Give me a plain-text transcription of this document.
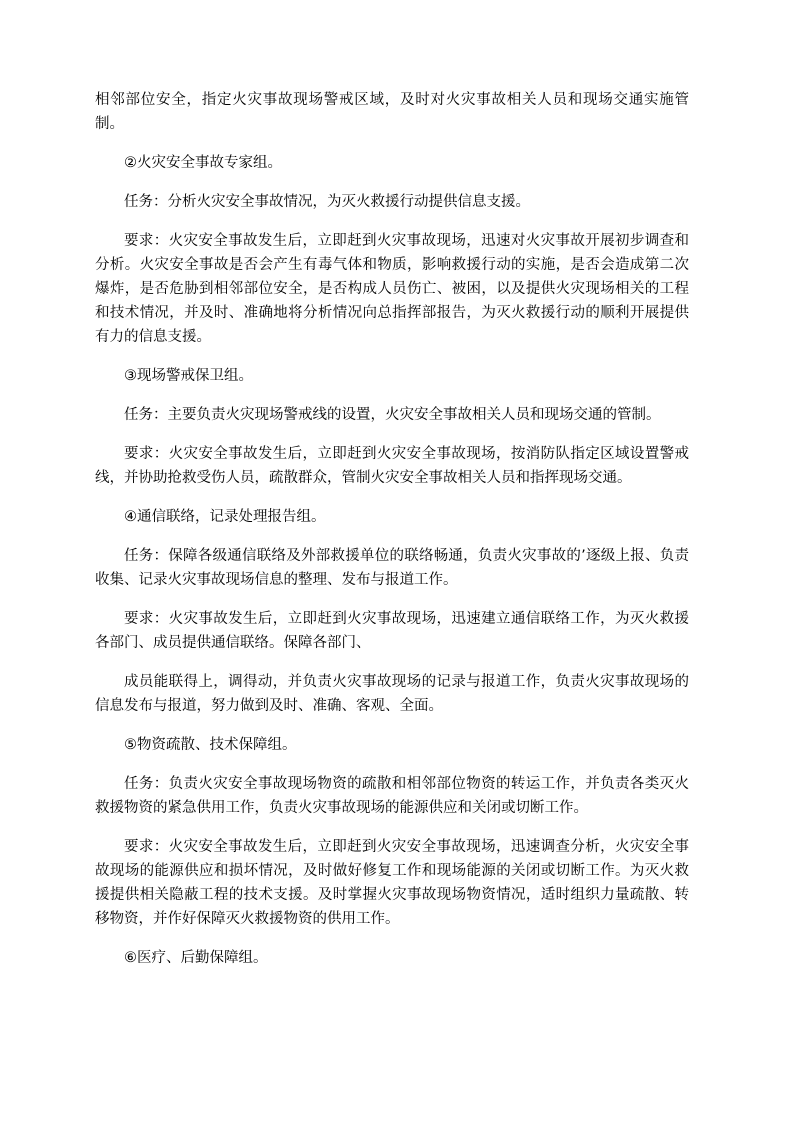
相邻部位安全，指定火灾事故现场警戒区域，及时对火灾事故相关人员和现场交通实施管制。

②火灾安全事故专家组。

任务：分析火灾安全事故情况，为灭火救援行动提供信息支援。

要求：火灾安全事故发生后，立即赶到火灾事故现场，迅速对火灾事故开展初步调查和分析。火灾安全事故是否会产生有毒气体和物质，影响救援行动的实施，是否会造成第二次爆炸，是否危胁到相邻部位安全，是否构成人员伤亡、被困，以及提供火灾现场相关的工程和技术情况，并及时、准确地将分析情况向总指挥部报告，为灭火救援行动的顺利开展提供有力的信息支援。

③现场警戒保卫组。

任务：主要负责火灾现场警戒线的设置，火灾安全事故相关人员和现场交通的管制。

要求：火灾安全事故发生后，立即赶到火灾安全事故现场，按消防队指定区域设置警戒线，并协助抢救受伤人员，疏散群众，管制火灾安全事故相关人员和指挥现场交通。

④通信联络，记录处理报告组。

任务：保障各级通信联络及外部救援单位的联络畅通，负责火灾事故的’逐级上报、负责收集、记录火灾事故现场信息的整理、发布与报道工作。

要求：火灾事故发生后，立即赶到火灾事故现场，迅速建立通信联络工作，为灭火救援各部门、成员提供通信联络。保障各部门、

成员能联得上，调得动，并负责火灾事故现场的记录与报道工作，负责火灾事故现场的信息发布与报道，努力做到及时、准确、客观、全面。

⑤物资疏散、技术保障组。

任务：负责火灾安全事故现场物资的疏散和相邻部位物资的转运工作，并负责各类灭火救援物资的紧急供用工作，负责火灾事故现场的能源供应和关闭或切断工作。

要求：火灾安全事故发生后，立即赶到火灾安全事故现场，迅速调查分析，火灾安全事故现场的能源供应和损坏情况，及时做好修复工作和现场能源的关闭或切断工作。为灭火救援提供相关隐蔽工程的技术支援。及时掌握火灾事故现场物资情况，适时组织力量疏散、转移物资，并作好保障灭火救援物资的供用工作。

⑥医疗、后勤保障组。
